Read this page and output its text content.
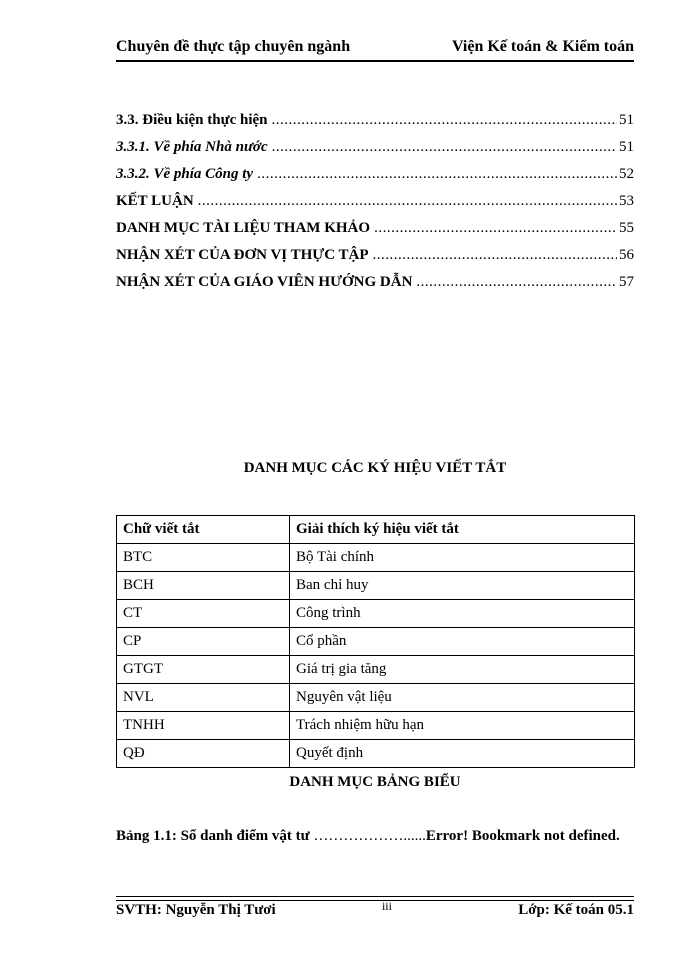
Chuyên đề thực tập chuyên ngành	Viện Kế toán & Kiểm toán
3.3. Điều kiện thực hiện .....	51
3.3.1. Về phía Nhà nước .....	51
3.3.2. Về phía Công ty .....	52
KẾT LUẬN .....	53
DANH MỤC TÀI LIỆU THAM KHẢO .....	55
NHẬN XÉT CỦA ĐƠN VỊ THỰC TẬP .....	56
NHẬN XÉT CỦA GIÁO VIÊN HƯỚNG DẪN .....	57
DANH MỤC CÁC KÝ HIỆU VIẾT TẮT
Chữ viết tắt	Giải thích ký hiệu viết tắt
BTC	Bộ Tài chính
BCH	Ban chỉ huy
CT	Công trình
CP	Cổ phần
GTGT	Giá trị gia tăng
NVL	Nguyên vật liệu
TNHH	Trách nhiệm hữu hạn
QĐ	Quyết định
DANH MỤC BẢNG BIỂU
Bảng 1.1: Sổ danh điểm vật tư ………………......Error! Bookmark not defined.
SVTH: Nguyễn Thị Tươi	iii	Lớp: Kế toán 05.1
